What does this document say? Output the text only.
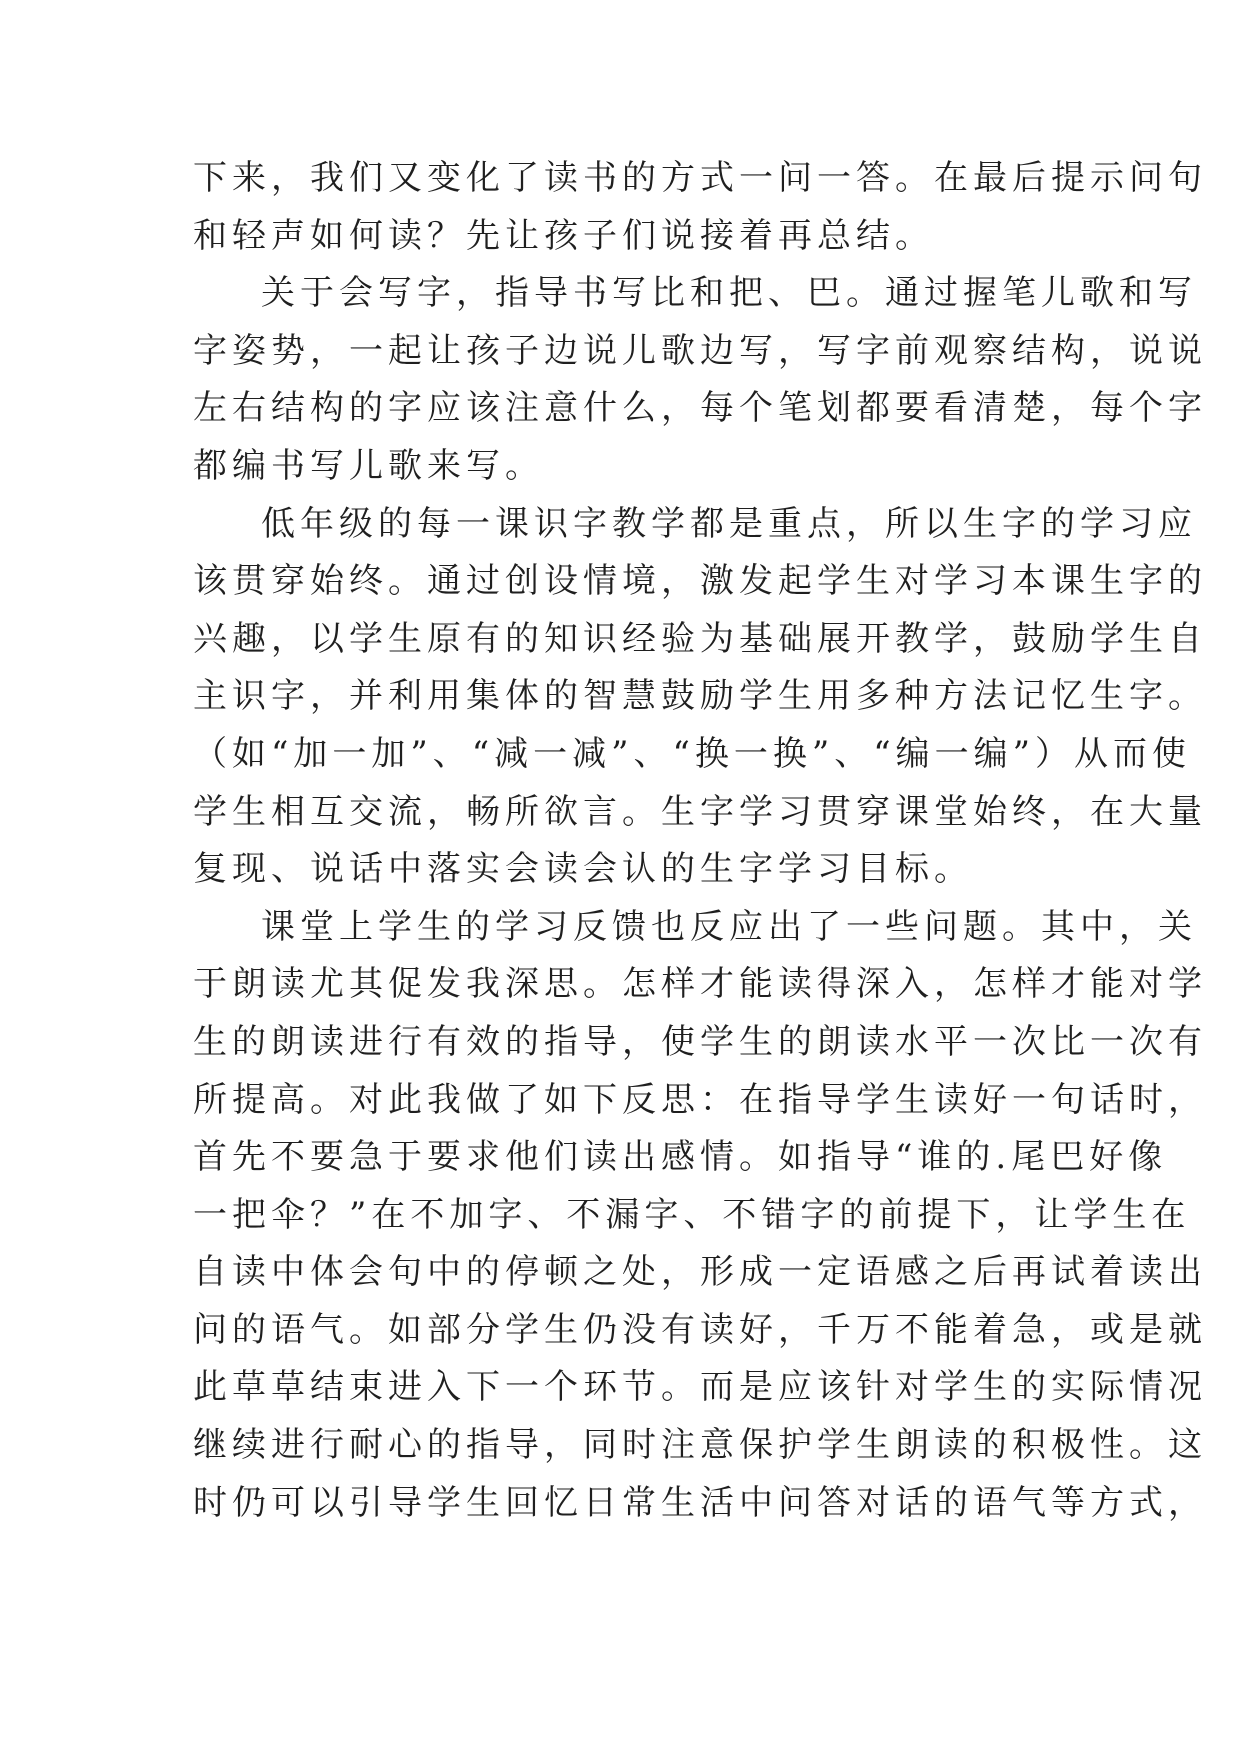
下来，我们又变化了读书的方式一问一答。在最后提示问句
和轻声如何读？先让孩子们说接着再总结。
关于会写字，指导书写比和把、巴。通过握笔儿歌和写
字姿势，一起让孩子边说儿歌边写，写字前观察结构，说说
左右结构的字应该注意什么，每个笔划都要看清楚，每个字
都编书写儿歌来写。
低年级的每一课识字教学都是重点，所以生字的学习应
该贯穿始终。通过创设情境，激发起学生对学习本课生字的
兴趣，以学生原有的知识经验为基础展开教学，鼓励学生自
主识字，并利用集体的智慧鼓励学生用多种方法记忆生字。
（如“加一加”、“减一减”、“换一换”、“编一编”）从而使
学生相互交流，畅所欲言。生字学习贯穿课堂始终，在大量
复现、说话中落实会读会认的生字学习目标。
课堂上学生的学习反馈也反应出了一些问题。其中，关
于朗读尤其促发我深思。怎样才能读得深入，怎样才能对学
生的朗读进行有效的指导，使学生的朗读水平一次比一次有
所提高。对此我做了如下反思：在指导学生读好一句话时，
首先不要急于要求他们读出感情。如指导“谁的.尾巴好像
一把伞？”在不加字、不漏字、不错字的前提下，让学生在
自读中体会句中的停顿之处，形成一定语感之后再试着读出
问的语气。如部分学生仍没有读好，千万不能着急，或是就
此草草结束进入下一个环节。而是应该针对学生的实际情况
继续进行耐心的指导，同时注意保护学生朗读的积极性。这
时仍可以引导学生回忆日常生活中问答对话的语气等方式，
